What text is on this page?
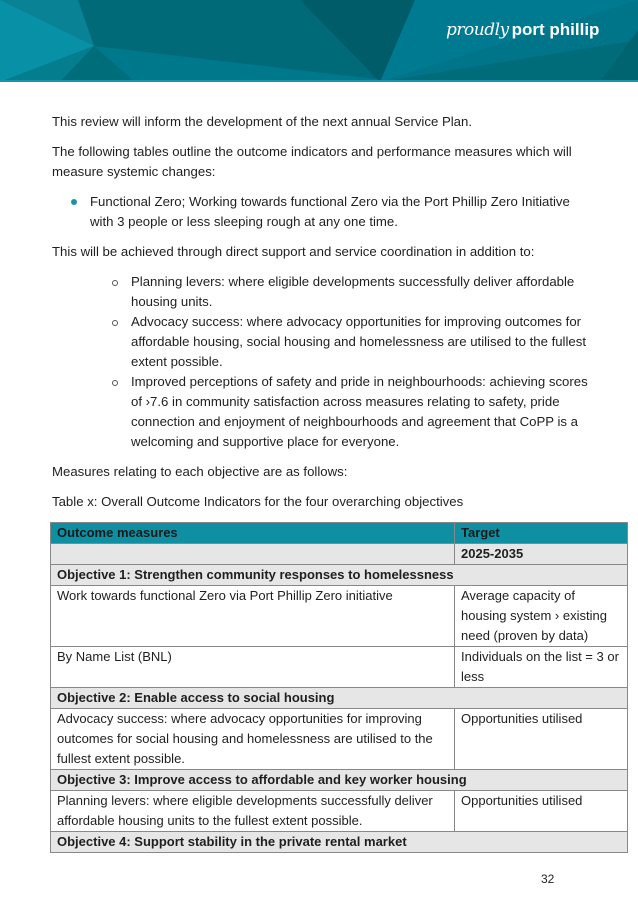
proudly port phillip

This review will inform the development of the next annual Service Plan.

The following tables outline the outcome indicators and performance measures which will measure systemic changes:

Functional Zero; Working towards functional Zero via the Port Phillip Zero Initiative with 3 people or less sleeping rough at any one time.

This will be achieved through direct support and service coordination in addition to:

Planning levers: where eligible developments successfully deliver affordable housing units.
Advocacy success: where advocacy opportunities for improving outcomes for affordable housing, social housing and homelessness are utilised to the fullest extent possible.
Improved perceptions of safety and pride in neighbourhoods: achieving scores of ›7.6 in community satisfaction across measures relating to safety, pride connection and enjoyment of neighbourhoods and agreement that CoPP is a welcoming and supportive place for everyone.

Measures relating to each objective are as follows:

Table x: Overall Outcome Indicators for the four overarching objectives

Outcome measures	Target
	2025-2035
Objective 1: Strengthen community responses to homelessness	
Work towards functional Zero via Port Phillip Zero initiative	Average capacity of housing system › existing need (proven by data)
By Name List (BNL)	Individuals on the list = 3 or less
Objective 2: Enable access to social housing	
Advocacy success: where advocacy opportunities for improving outcomes for social housing and homelessness are utilised to the fullest extent possible.	Opportunities utilised
Objective 3: Improve access to affordable and key worker housing	
Planning levers: where eligible developments successfully deliver affordable housing units to the fullest extent possible.	Opportunities utilised
Objective 4: Support stability in the private rental market	
32
